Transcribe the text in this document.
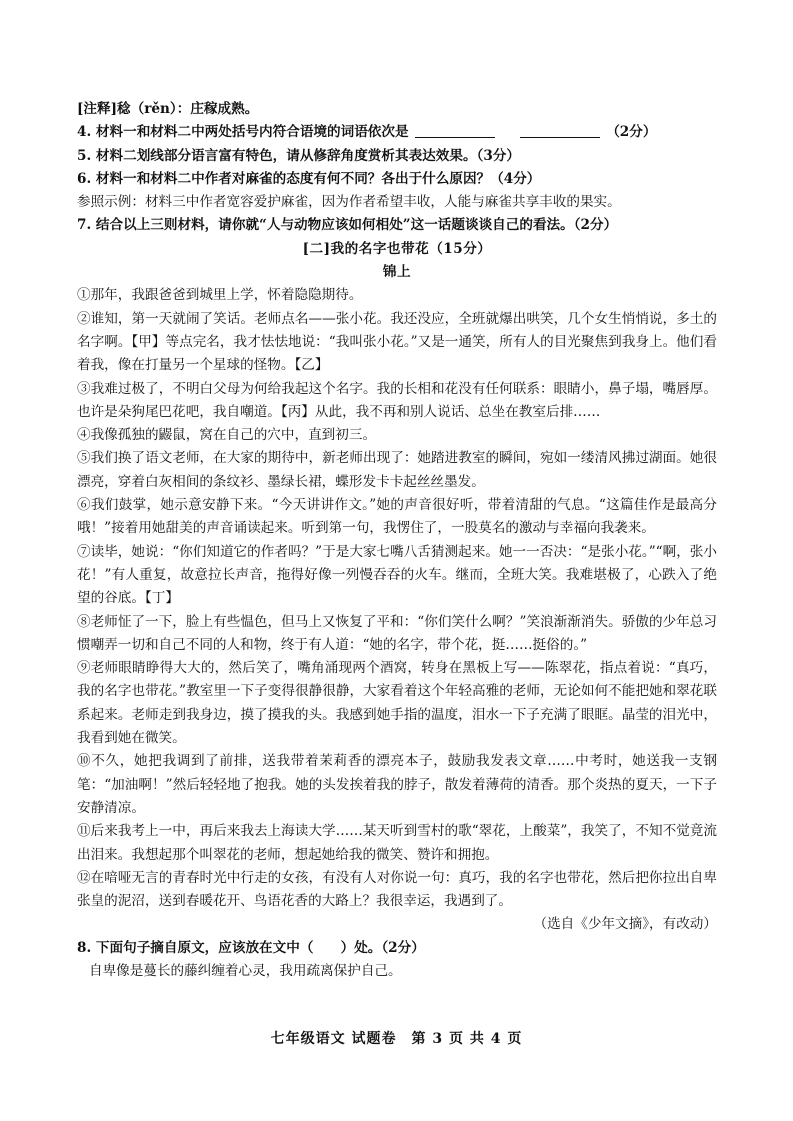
[注释]稔（rěn）：庄稼成熟。

4. 材料一和材料二中两处括号内符合语境的词语依次是　	（2分）

5. 材料二划线部分语言富有特色，请从修辞角度赏析其表达效果。（3分）

6. 材料一和材料二中作者对麻雀的态度有何不同？各出于什么原因？（4分）

参照示例：材料三中作者宽容爱护麻雀，因为作者希望丰收，人能与麻雀共享丰收的果实。

7. 结合以上三则材料，请你就“人与动物应该如何相处”这一话题谈谈自己的看法。（2分）

[二]我的名字也带花（15分）

锦上

①那年，我跟爸爸到城里上学，怀着隐隐期待。

②谁知，第一天就闹了笑话。老师点名——张小花。我还没应，全班就爆出哄笑，几个女生悄悄说，多土的名字啊。【甲】等点完名，我才怯怯地说：“我叫张小花。”又是一通笑，所有人的目光聚焦到我身上。他们看着我，像在打量另一个星球的怪物。【乙】

③我难过极了，不明白父母为何给我起这个名字。我的长相和花没有任何联系：眼睛小，鼻子塌，嘴唇厚。也许是朵狗尾巴花吧，我自嘲道。【丙】从此，我不再和别人说话、总坐在教室后排……

④我像孤独的鼹鼠，窝在自己的穴中，直到初三。

⑤我们换了语文老师，在大家的期待中，新老师出现了：她踏进教室的瞬间，宛如一缕清风拂过湖面。她很漂亮，穿着白灰相间的条纹衫、墨绿长裙，蝶形发卡卡起丝丝墨发。

⑥我们鼓掌，她示意安静下来。“今天讲讲作文。”她的声音很好听，带着清甜的气息。“这篇佳作是最高分哦！”接着用她甜美的声音诵读起来。听到第一句，我愣住了，一股莫名的激动与幸福向我袭来。

⑦读毕，她说：“你们知道它的作者吗？”于是大家七嘴八舌猜测起来。她一一否决：“是张小花。”“啊，张小花！”有人重复，故意拉长声音，拖得好像一列慢吞吞的火车。继而，全班大笑。我难堪极了，心跌入了绝望的谷底。【丁】

⑧老师怔了一下，脸上有些愠色，但马上又恢复了平和：“你们笑什么啊？”笑浪渐渐消失。骄傲的少年总习惯嘲弄一切和自己不同的人和物，终于有人道：“她的名字，带个花，挺……挺俗的。”

⑨老师眼睛睁得大大的，然后笑了，嘴角涌现两个酒窝，转身在黑板上写——陈翠花，指点着说：“真巧，我的名字也带花。”教室里一下子变得很静很静，大家看着这个年轻高雅的老师，无论如何不能把她和翠花联系起来。老师走到我身边，摸了摸我的头。我感到她手指的温度，泪水一下子充满了眼眶。晶莹的泪光中，我看到她在微笑。

⑩不久，她把我调到了前排，送我带着茉莉香的漂亮本子，鼓励我发表文章……中考时，她送我一支钢笔：“加油啊！”然后轻轻地了抱我。她的头发挨着我的脖子，散发着薄荷的清香。那个炎热的夏天，一下子安静清凉。

⑪后来我考上一中，再后来我去上海读大学……某天听到雪村的歌“翠花，上酸菜”，我笑了，不知不觉竟流出泪来。我想起那个叫翠花的老师，想起她给我的微笑、赞许和拥抱。

⑫在喑哑无言的青春时光中行走的女孩，有没有人对你说一句：真巧，我的名字也带花，然后把你拉出自卑张皇的泥沼，送到春暖花开、鸟语花香的大路上？我很幸运，我遇到了。

（选自《少年文摘》，有改动）

8. 下面句子摘自原文，应该放在文中（　　）处。（2分）

自卑像是蔓长的藤纠缠着心灵，我用疏离保护自己。

七年级语文 试题卷　第 3 页 共 4 页
